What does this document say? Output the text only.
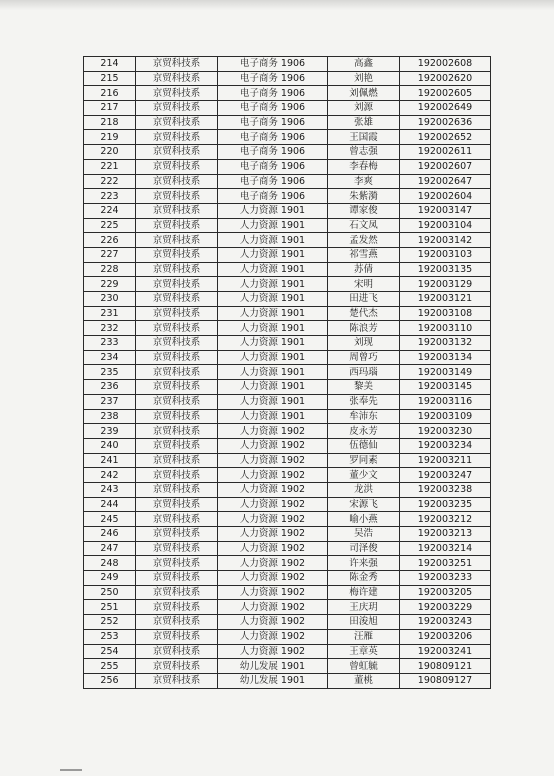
214	京贸科技系	电子商务 1906	高鑫	192002608
215	京贸科技系	电子商务 1906	刘艳	192002620
216	京贸科技系	电子商务 1906	刘佩燃	192002605
217	京贸科技系	电子商务 1906	刘源	192002649
218	京贸科技系	电子商务 1906	张雄	192002636
219	京贸科技系	电子商务 1906	王国霞	192002652
220	京贸科技系	电子商务 1906	曾志强	192002611
221	京贸科技系	电子商务 1906	李春梅	192002607
222	京贸科技系	电子商务 1906	李爽	192002647
223	京贸科技系	电子商务 1906	朱紫漪	192002604
224	京贸科技系	人力资源 1901	谭家俊	192003147
225	京贸科技系	人力资源 1901	石文凤	192003104
226	京贸科技系	人力资源 1901	孟发然	192003142
227	京贸科技系	人力资源 1901	祁雪燕	192003103
228	京贸科技系	人力资源 1901	苏倩	192003135
229	京贸科技系	人力资源 1901	宋明	192003129
230	京贸科技系	人力资源 1901	田进飞	192003121
231	京贸科技系	人力资源 1901	楚代杰	192003108
232	京贸科技系	人力资源 1901	陈浪芳	192003110
233	京贸科技系	人力资源 1901	刘现	192003132
234	京贸科技系	人力资源 1901	周曾巧	192003134
235	京贸科技系	人力资源 1901	西玛瑙	192003149
236	京贸科技系	人力资源 1901	黎美	192003145
237	京贸科技系	人力资源 1901	张奉先	192003116
238	京贸科技系	人力资源 1901	牟沛东	192003109
239	京贸科技系	人力资源 1902	皮永芳	192003230
240	京贸科技系	人力资源 1902	伍德仙	192003234
241	京贸科技系	人力资源 1902	罗同素	192003211
242	京贸科技系	人力资源 1902	董少文	192003247
243	京贸科技系	人力资源 1902	龙洪	192003238
244	京贸科技系	人力资源 1902	宋源飞	192003235
245	京贸科技系	人力资源 1902	喻小燕	192003212
246	京贸科技系	人力资源 1902	吴浩	192003213
247	京贸科技系	人力资源 1902	司泽俊	192003214
248	京贸科技系	人力资源 1902	许来强	192003251
249	京贸科技系	人力资源 1902	陈金秀	192003233
250	京贸科技系	人力资源 1902	梅许建	192003205
251	京贸科技系	人力资源 1902	王庆玥	192003229
252	京贸科技系	人力资源 1902	田浚旭	192003243
253	京贸科技系	人力资源 1902	汪雁	192003206
254	京贸科技系	人力资源 1902	王章英	192003241
255	京贸科技系	幼儿发展 1901	曾虹毓	190809121
256	京贸科技系	幼儿发展 1901	董桃	190809127
